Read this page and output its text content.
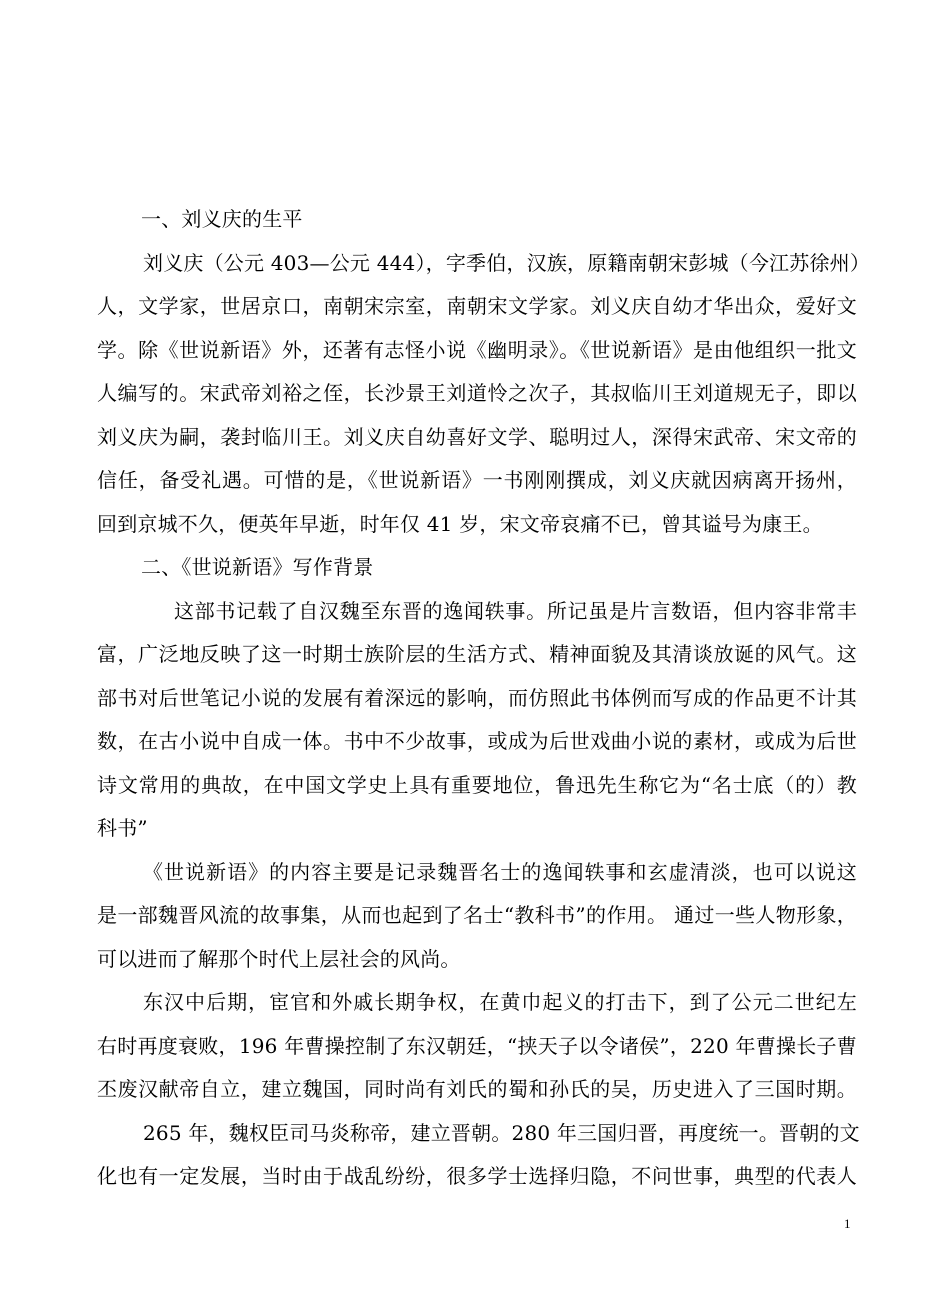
一、刘义庆的生平
刘义庆（公元 403—公元 444），字季伯，汉族，原籍南朝宋彭城（今江苏徐州）
人，文学家，世居京口，南朝宋宗室，南朝宋文学家。刘义庆自幼才华出众，爱好文
学。除《世说新语》外，还著有志怪小说《幽明录》。《世说新语》是由他组织一批文
人编写的。宋武帝刘裕之侄，长沙景王刘道怜之次子，其叔临川王刘道规无子，即以
刘义庆为嗣，袭封临川王。刘义庆自幼喜好文学、聪明过人，深得宋武帝、宋文帝的
信任，备受礼遇。可惜的是，《世说新语》一书刚刚撰成，刘义庆就因病离开扬州，
回到京城不久，便英年早逝，时年仅 41 岁，宋文帝哀痛不已，曾其谥号为康王。
二、《世说新语》写作背景
这部书记载了自汉魏至东晋的逸闻轶事。所记虽是片言数语，但内容非常丰
富，广泛地反映了这一时期士族阶层的生活方式、精神面貌及其清谈放诞的风气。这
部书对后世笔记小说的发展有着深远的影响，而仿照此书体例而写成的作品更不计其
数，在古小说中自成一体。书中不少故事，或成为后世戏曲小说的素材，或成为后世
诗文常用的典故，在中国文学史上具有重要地位，鲁迅先生称它为“名士底（的）教
科书”
《世说新语》的内容主要是记录魏晋名士的逸闻轶事和玄虚清淡，也可以说这
是一部魏晋风流的故事集，从而也起到了名士“教科书”的作用。 通过一些人物形象，
可以进而了解那个时代上层社会的风尚。
东汉中后期，宦官和外戚长期争权，在黄巾起义的打击下，到了公元二世纪左
右时再度衰败，196 年曹操控制了东汉朝廷，“挟天子以令诸侯”，220 年曹操长子曹
丕废汉献帝自立，建立魏国，同时尚有刘氏的蜀和孙氏的吴，历史进入了三国时期。
265 年，魏权臣司马炎称帝，建立晋朝。280 年三国归晋，再度统一。晋朝的文
化也有一定发展，当时由于战乱纷纷，很多学士选择归隐，不问世事，典型的代表人
1
